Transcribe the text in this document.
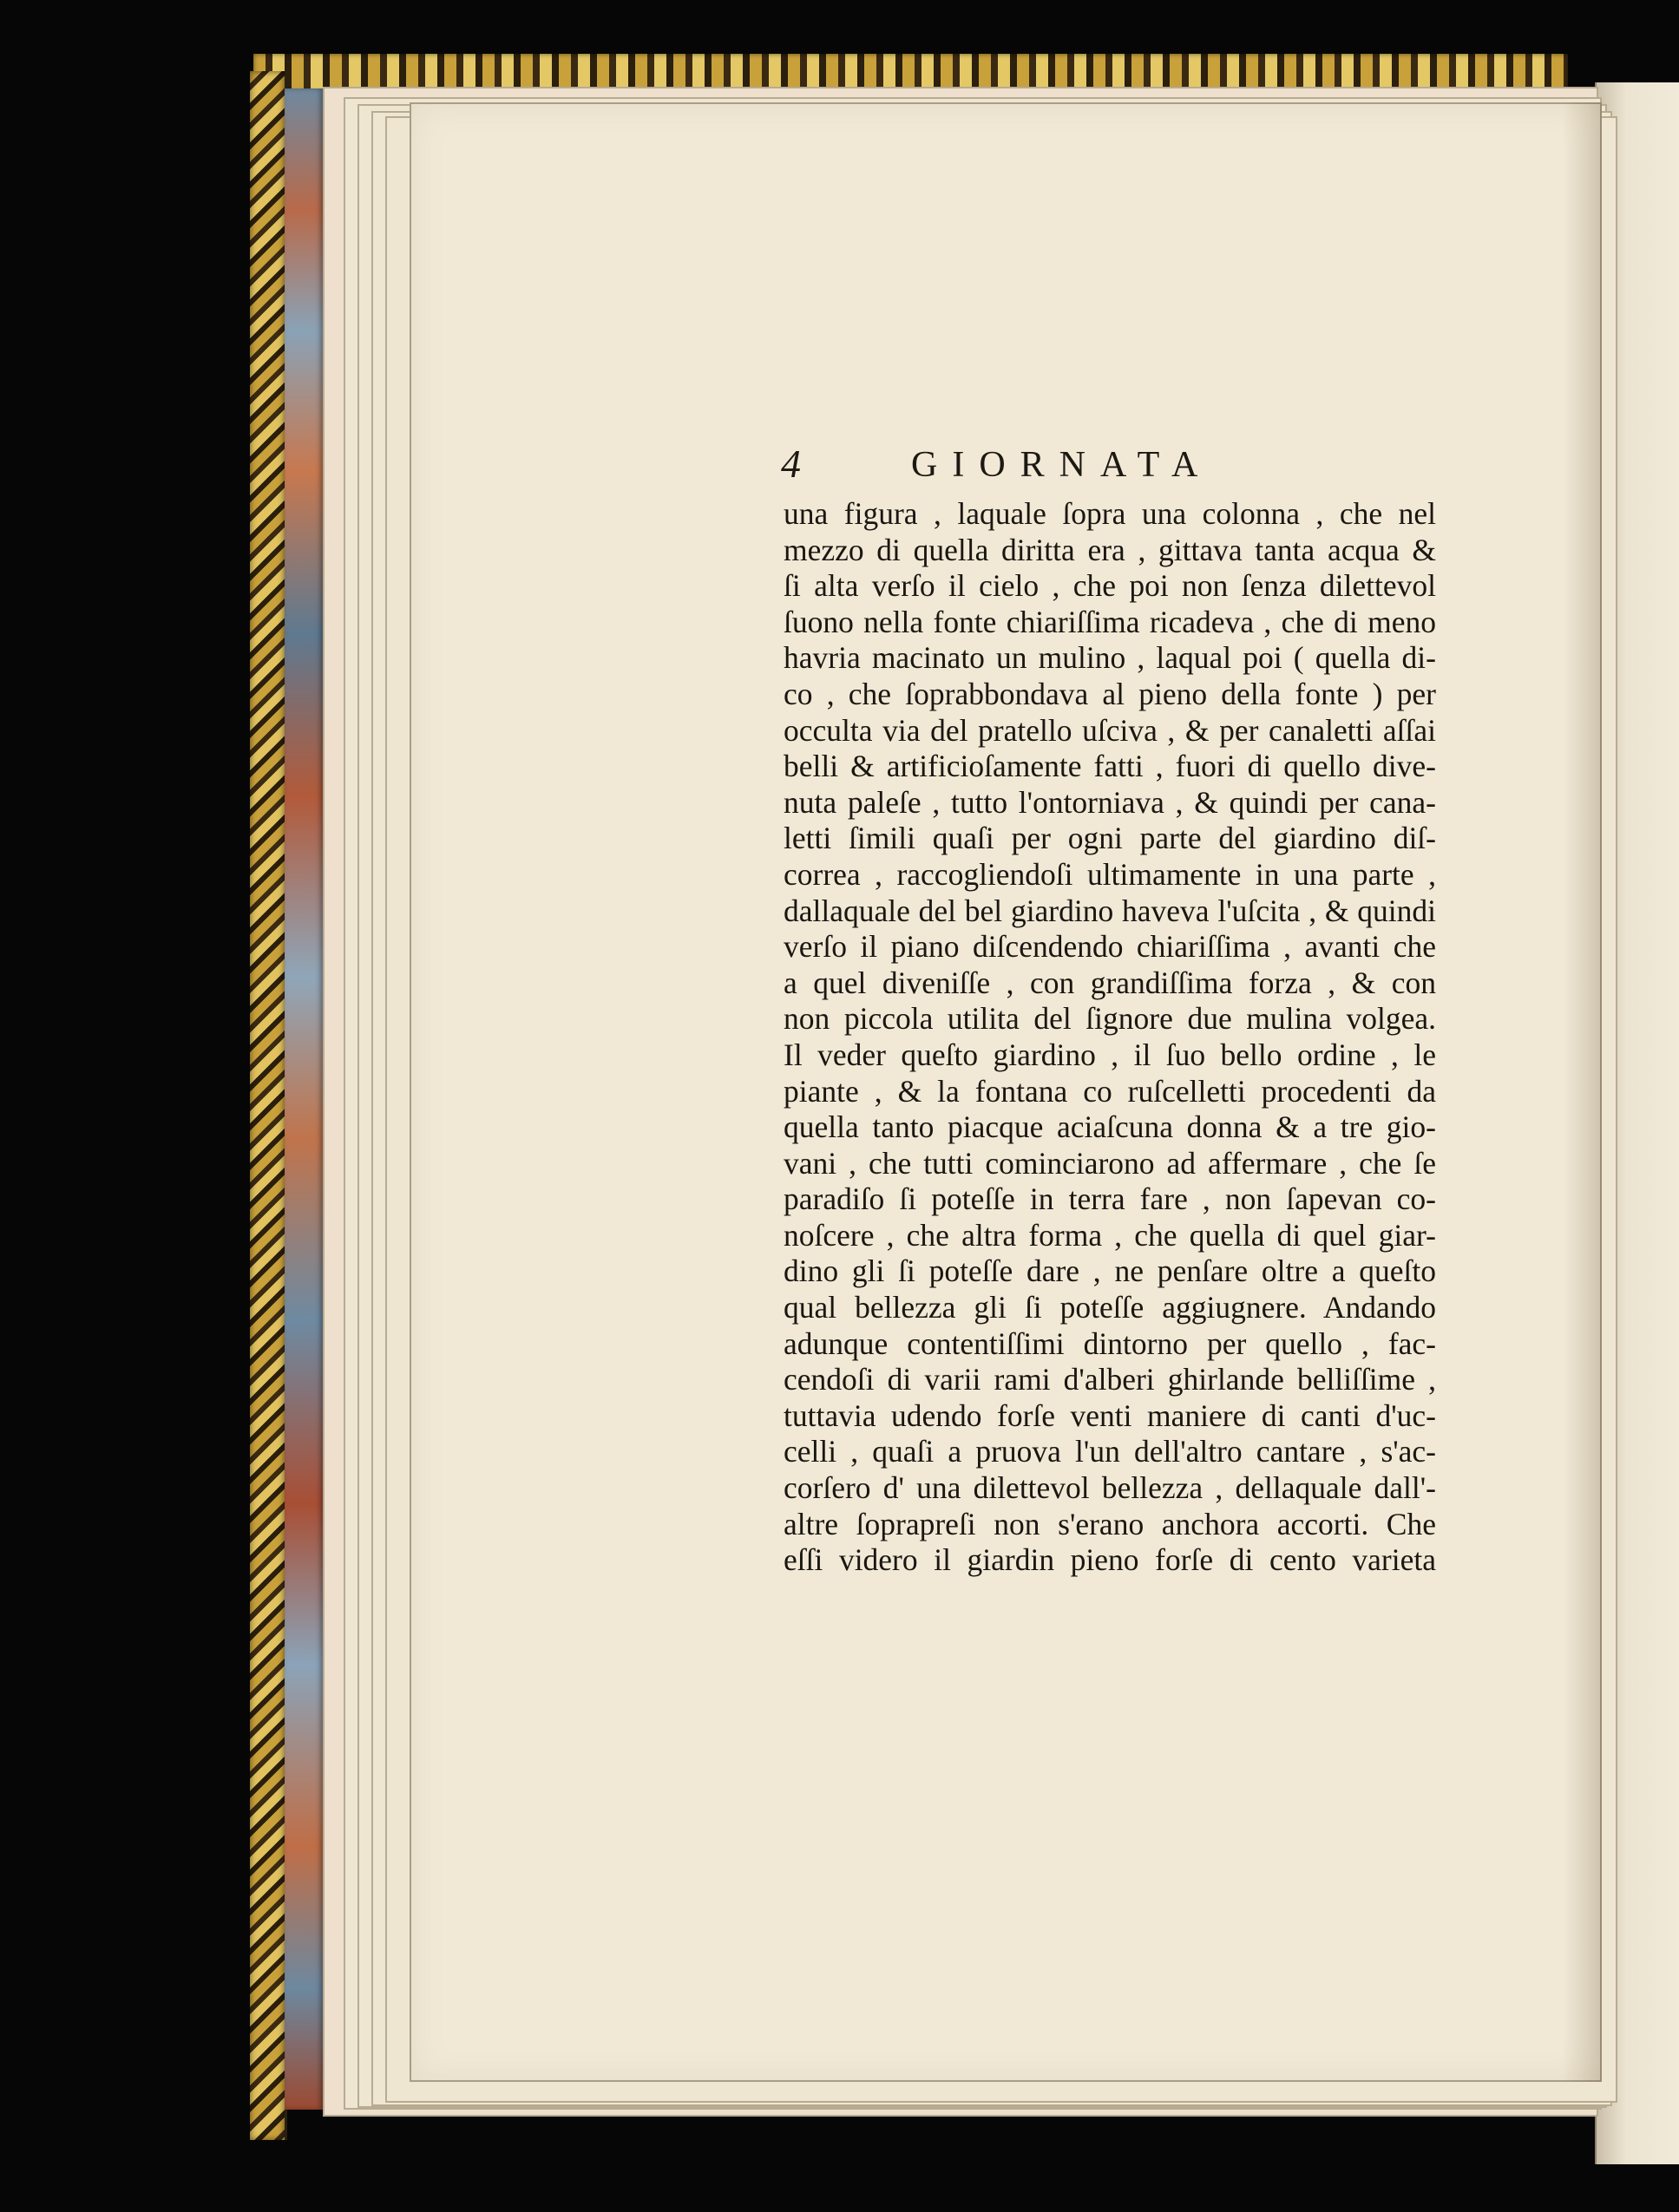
4	GIORNATA
una figura , laquale ſopra una colonna , che nel
mezzo di quella diritta era , gittava tanta acqua &
ſi alta verſo il cielo , che poi non ſenza dilettevol
ſuono nella fonte chiariſſima ricadeva , che di meno
havria macinato un mulino , laqual poi ( quella di-
co , che ſoprabbondava al pieno della fonte ) per
occulta via del pratello uſciva , & per canaletti aſſai
belli & artificioſamente fatti , fuori di quello dive-
nuta paleſe , tutto l'ontorniava , & quindi per cana-
letti ſimili quaſi per ogni parte del giardino diſ-
correa , raccogliendoſi ultimamente in una parte ,
dallaquale del bel giardino haveva l'uſcita , & quindi
verſo il piano diſcendendo chiariſſima , avanti che
a quel diveniſſe , con grandiſſima forza , & con
non piccola utilita del ſignore due mulina volgea.
Il veder queſto giardino , il ſuo bello ordine , le
piante , & la fontana co ruſcelletti procedenti da
quella tanto piacque aciaſcuna donna & a tre gio-
vani , che tutti cominciarono ad affermare , che ſe
paradiſo ſi poteſſe in terra fare , non ſapevan co-
noſcere , che altra forma , che quella di quel giar-
dino gli ſi poteſſe dare , ne penſare oltre a queſto
qual bellezza gli ſi poteſſe aggiugnere. Andando
adunque contentiſſimi dintorno per quello , fac-
cendoſi di varii rami d'alberi ghirlande belliſſime ,
tuttavia udendo forſe venti maniere di canti d'uc-
celli , quaſi a pruova l'un dell'altro cantare , s'ac-
corſero d' una dilettevol bellezza , dellaquale dall'-
altre ſoprapreſi non s'erano anchora accorti. Che
eſſi videro il giardin pieno forſe di cento varieta
